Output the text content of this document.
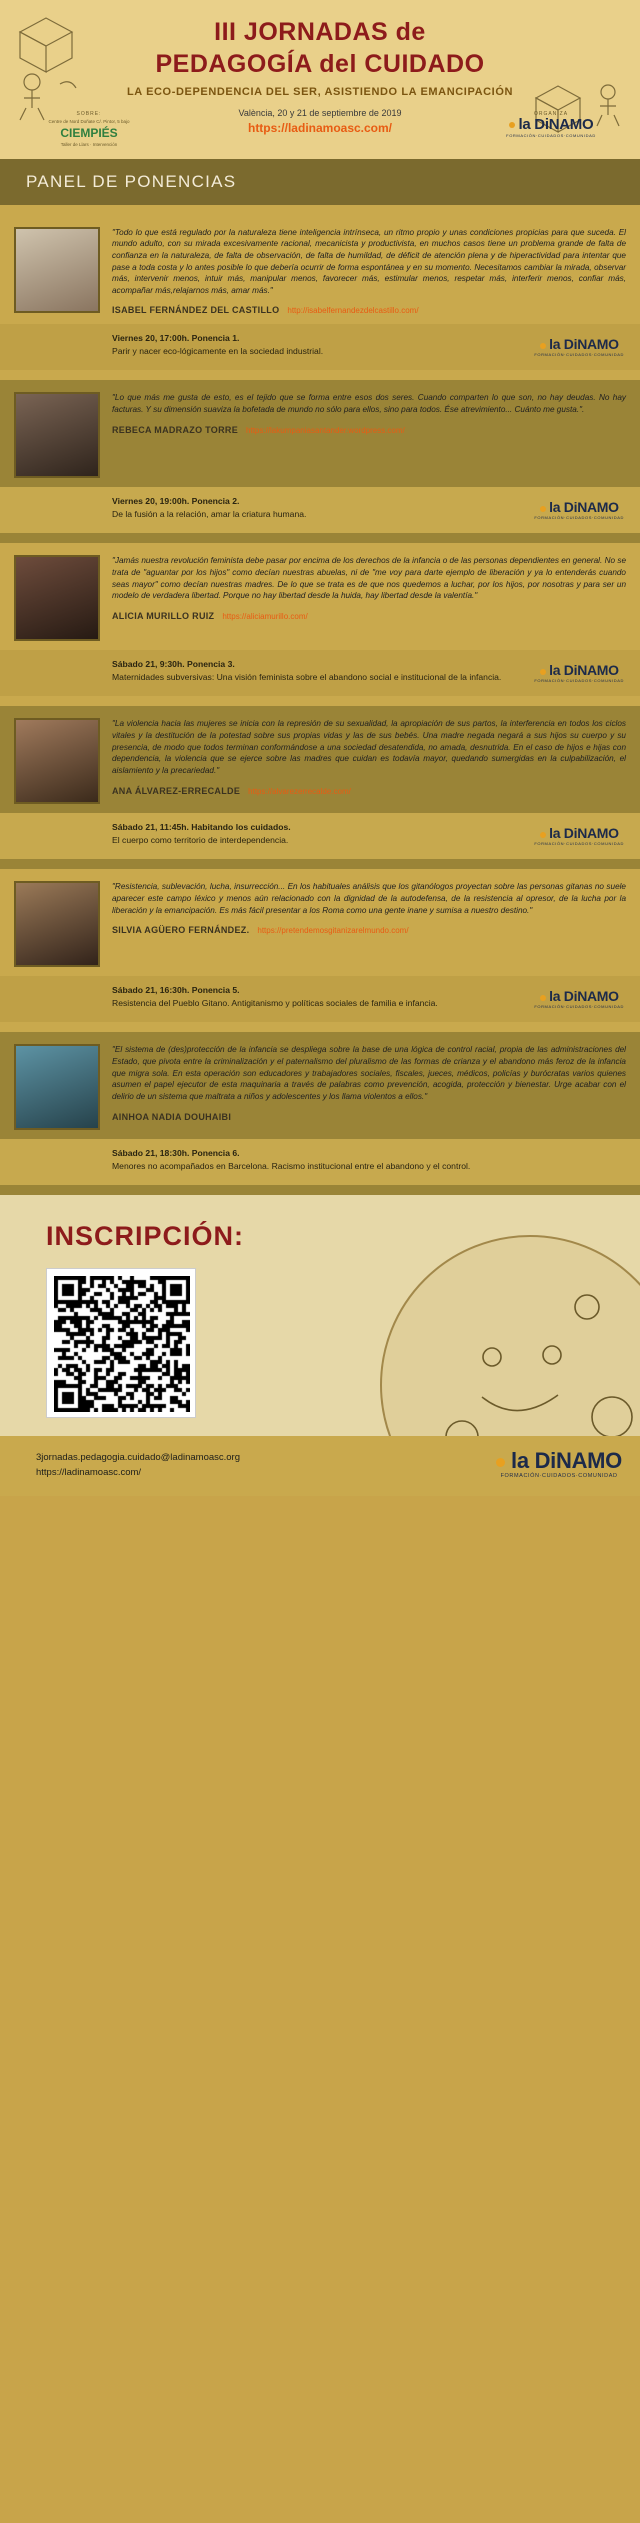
III JORNADAS de
PEDAGOGÍA del CUIDADO
LA ECO-DEPENDENCIA DEL SER, ASISTIENDO LA EMANCIPACIÓN
València, 20 y 21 de septiembre de 2019
https://ladinamoasc.com/
SOBRE:
Centre de Nord Doñate C/. Pintor, 5 bajo
CIEMPIÉS
Taller de Llars · Intervención
ORGANIZA
la DiNAMO
FORMACIÓN·CUIDADOS·COMUNIDAD
PANEL DE PONENCIAS
"Todo lo que está regulado por la naturaleza tiene inteligencia intrínseca, un ritmo propio y unas condiciones propicias para que suceda. El mundo adulto, con su mirada excesivamente racional, mecanicista y productivista, en muchos casos tiene un problema grande de falta de confianza en la naturaleza, de falta de observación, de falta de humildad, de déficit de atención plena y de hiperactividad para intentar que pase a toda costa y lo antes posible lo que debería ocurrir de forma espontánea y en su momento. Necesitamos cambiar la mirada, observar más, intervenir menos, intuir más, manipular menos, favorecer más, estimular menos, respetar más, interferir menos, confiar más, acompañar más,relajarnos más, amar más."
ISABEL FERNÁNDEZ DEL CASTILLO http://isabelfernandezdelcastillo.com/
Viernes 20, 17:00h. Ponencia 1.
Parir y nacer eco-lógicamente en la sociedad industrial.	la DiNAMO
FORMACIÓN·CUIDADOS·COMUNIDAD
"Lo que más me gusta de esto, es el tejido que se forma entre esos dos seres. Cuando comparten lo que son, no hay deudas. No hay facturas. Y su dimensión suaviza la bofetada de mundo no sólo para ellos, sino para todos. Ése atrevimiento... Cuánto me gusta.".
REBECA MADRAZO TORRE https://lakumpaniasantander.wordpress.com/
Viernes 20, 19:00h. Ponencia 2.
De la fusión a la relación, amar la criatura humana.	la DiNAMO
FORMACIÓN·CUIDADOS·COMUNIDAD
"Jamás nuestra revolución feminista debe pasar por encima de los derechos de la infancia o de las personas dependientes en general. No se trata de "aguantar por los hijos" como decían nuestras abuelas, ni de "me voy para darte ejemplo de liberación y ya lo entenderás cuando seas mayor" como decían nuestras madres. De lo que se trata es de que nos quedemos a luchar, por los hijos, por nosotras y para ser un modelo de verdadera libertad. Porque no hay libertad desde la huida, hay libertad desde la valentía."
ALICIA MURILLO RUIZ https://aliciamurillo.com/
Sábado 21, 9:30h. Ponencia 3.
Maternidades subversivas: Una visión feminista sobre el abandono social e institucional de la infancia.	la DiNAMO
FORMACIÓN·CUIDADOS·COMUNIDAD
"La violencia hacia las mujeres se inicia con la represión de su sexualidad, la apropiación de sus partos, la interferencia en todos los ciclos vitales y la destitución de la potestad sobre sus propias vidas y las de sus bebés. Una madre negada negará a sus hijos su cuerpo y su presencia, de modo que todos terminan conformándose a una sociedad desatendida, no amada, desnutrida. En el caso de hijos e hijas con dependencia, la violencia que se ejerce sobre las madres que cuidan es todavía mayor, quedando sumergidas en la culpabilización, el aislamiento y la precariedad."
ANA ÁLVAREZ-ERRECALDE https://alvarezerrecalde.com/
Sábado 21, 11:45h. Habitando los cuidados.
El cuerpo como territorio de interdependencia.	la DiNAMO
FORMACIÓN·CUIDADOS·COMUNIDAD
"Resistencia, sublevación, lucha, insurrección... En los habituales análisis que los gitanólogos proyectan sobre las personas gitanas no suele aparecer este campo léxico y menos aún relacionado con la dignidad de la autodefensa, de la resistencia al opresor, de la lucha por la liberación y la emancipación. Es más fácil presentar a los Roma como una gente inane y sumisa a nuestro destino."
SILVIA AGÜERO FERNÁNDEZ. https://pretendemosgitanizarelmundo.com/
Sábado 21, 16:30h. Ponencia 5.
Resistencia del Pueblo Gitano. Antigitanismo y políticas sociales de familia e infancia.	la DiNAMO
FORMACIÓN·CUIDADOS·COMUNIDAD
"El sistema de (des)protección de la infancia se despliega sobre la base de una lógica de control racial, propia de las administraciones del Estado, que pivota entre la criminalización y el paternalismo del pluralismo de las formas de crianza y el abandono más feroz de la infancia que migra sola. En esta operación son educadores y trabajadores sociales, fiscales, jueces, médicos, policías y burócratas varios quienes asumen el papel ejecutor de esta maquinaria a través de palabras como prevención, acogida, protección y bienestar. Urge acabar con el delirio de un sistema que maltrata a niños y adolescentes y los llama violentos a ellos."
AINHOA NADIA DOUHAIBI
Sábado 21, 18:30h. Ponencia 6.
Menores no acompañados en Barcelona. Racismo institucional entre el abandono y el control.
INSCRIPCIÓN:
3jornadas.pedagogia.cuidado@ladinamoasc.org
https://ladinamoasc.com/	la DiNAMO
FORMACIÓN·CUIDADOS·COMUNIDAD
